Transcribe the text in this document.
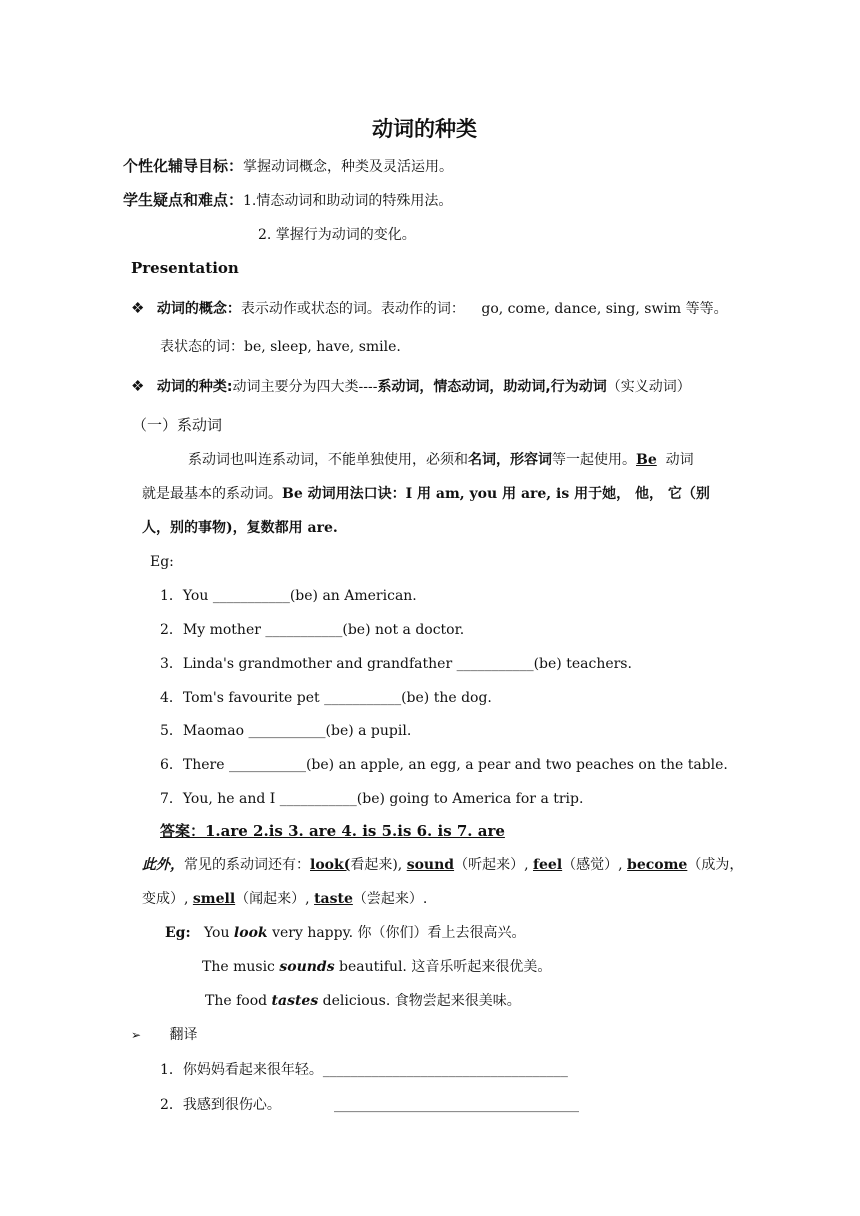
动词的种类
个性化辅导目标：掌握动词概念，种类及灵活运用。
学生疑点和难点：1.情态动词和助动词的特殊用法。
2. 掌握行为动词的变化。
Presentation
❖ 动词的概念：表示动作或状态的词。表动作的词： go, come, dance, sing, swim 等等。
表状态的词：be, sleep, have, smile.
❖ 动词的种类:动词主要分为四大类----系动词，情态动词，助动词,行为动词（实义动词）
（一）系动词
系动词也叫连系动词，不能单独使用，必须和名词，形容词等一起使用。Be 动词
就是最基本的系动词。Be 动词用法口诀：I 用 am, you 用 are, is 用于她， 他， 它（别
人，别的事物)，复数都用 are.
Eg:
1．You ___________(be) an American.
2．My mother ___________(be) not a doctor.
3．Linda's grandmother and grandfather ___________(be) teachers.
4．Tom's favourite pet ___________(be) the dog.
5．Maomao ___________(be) a pupil.
6．There ___________(be) an apple, an egg, a pear and two peaches on the table.
7．You, he and I ___________(be) going to America for a trip.
答案：1.are 2.is 3. are 4. is 5.is 6. is 7. are
此外，常见的系动词还有：look(看起来), sound（听起来）, feel（感觉）, become（成为，
变成）, smell（闻起来）, taste（尝起来）.
Eg: You look very happy. 你（你们）看上去很高兴。
The music sounds beautiful. 这音乐听起来很优美。
The food tastes delicious. 食物尝起来很美味。
➢ 翻译
1．你妈妈看起来很年轻。___________________________________
2．我感到很伤心。	___________________________________
